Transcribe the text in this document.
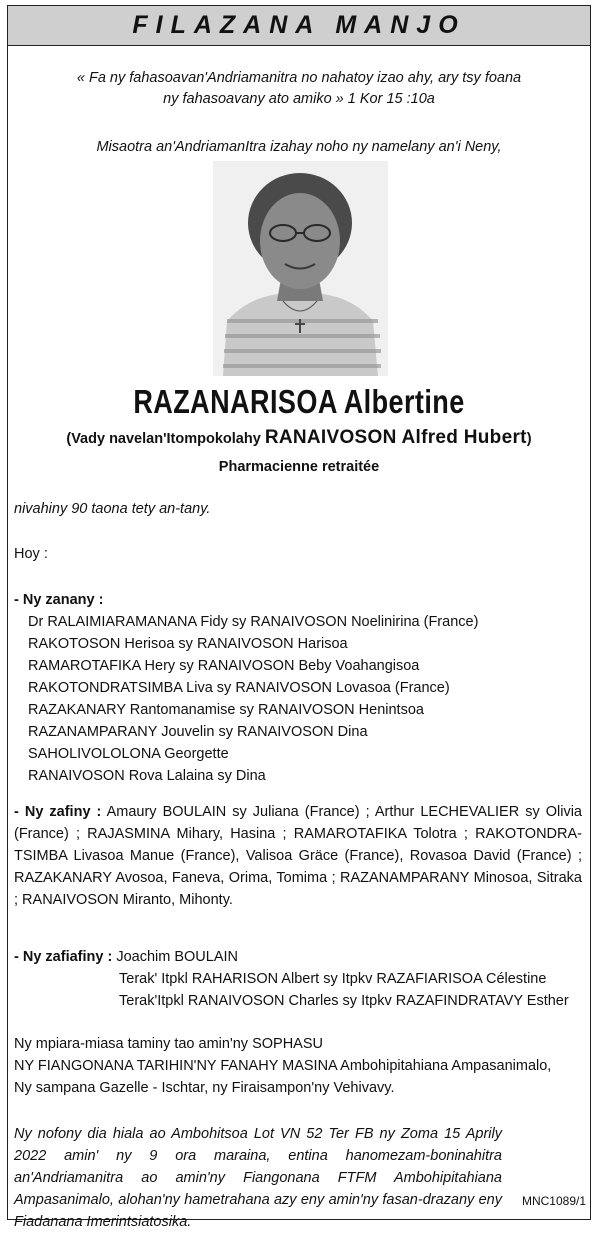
FILAZANA MANJO
« Fa ny fahasoavan'Andriamanitra no nahatoy izao ahy, ary tsy foana
ny fahasoavany ato amiko » 1 Kor 15 :10a
Misaotra an'AndriamanItra izahay noho ny namelany an'i Neny,
RAZANARISOA Albertine
(Vady navelan'Itompokolahy RANAIVOSON Alfred Hubert)
Pharmacienne retraitée
nivahiny 90 taona tety an-tany.
Hoy :
- Ny zanany :
Dr RALAIMIARAMANANA Fidy sy RANAIVOSON Noelinirina (France)
RAKOTOSON Herisoa sy RANAIVOSON Harisoa
RAMAROTAFIKA Hery sy RANAIVOSON Beby Voahangisoa
RAKOTONDRATSIMBA Liva sy RANAIVOSON Lovasoa (France)
RAZAKANARY Rantomanamise sy RANAIVOSON Henintsoa
RAZANAMPARANY Jouvelin sy RANAIVOSON Dina
SAHOLIVOLOLONA Georgette
RANAIVOSON Rova Lalaina sy Dina
- Ny zafiny : Amaury BOULAIN sy Juliana (France) ; Arthur LECHEVALIER sy Olivia (France) ; RAJASMINA Mihary, Hasina ; RAMAROTAFIKA Tolotra ; RAKOTONDRA-TSIMBA Livasoa Manue (France), Valisoa Gräce (France), Rovasoa David (France) ; RAZAKANARY Avosoa, Faneva, Orima, Tomima ; RAZANAMPARANY Minosoa, Sitraka ; RANAIVOSON Miranto, Mihonty.
- Ny zafiafiny : Joachim BOULAIN
Terak' Itpkl RAHARISON Albert sy Itpkv RAZAFIARISOA Célestine
Terak'Itpkl RANAIVOSON Charles sy Itpkv RAZAFINDRATAVY Esther
Ny mpiara-miasa taminy tao amin'ny SOPHASU
NY FIANGONANA TARIHIN'NY FANAHY MASINA Ambohipitahiana Ampasanimalo,
Ny sampana Gazelle - Ischtar, ny Firaisampon'ny Vehivavy.
Ny nofony dia hiala ao Ambohitsoa Lot VN 52 Ter FB ny Zoma 15 Aprily 2022 amin' ny 9 ora maraina, entina hanomezam-boninahitra an'Andriamanitra ao amin'ny Fiangonana FTFM Ambohipitahiana Ampasanimalo, alohan'ny hametrahana azy eny amin'ny fasan-drazany eny Fiadanana Imerintsiatosika.
MNC1089/1
